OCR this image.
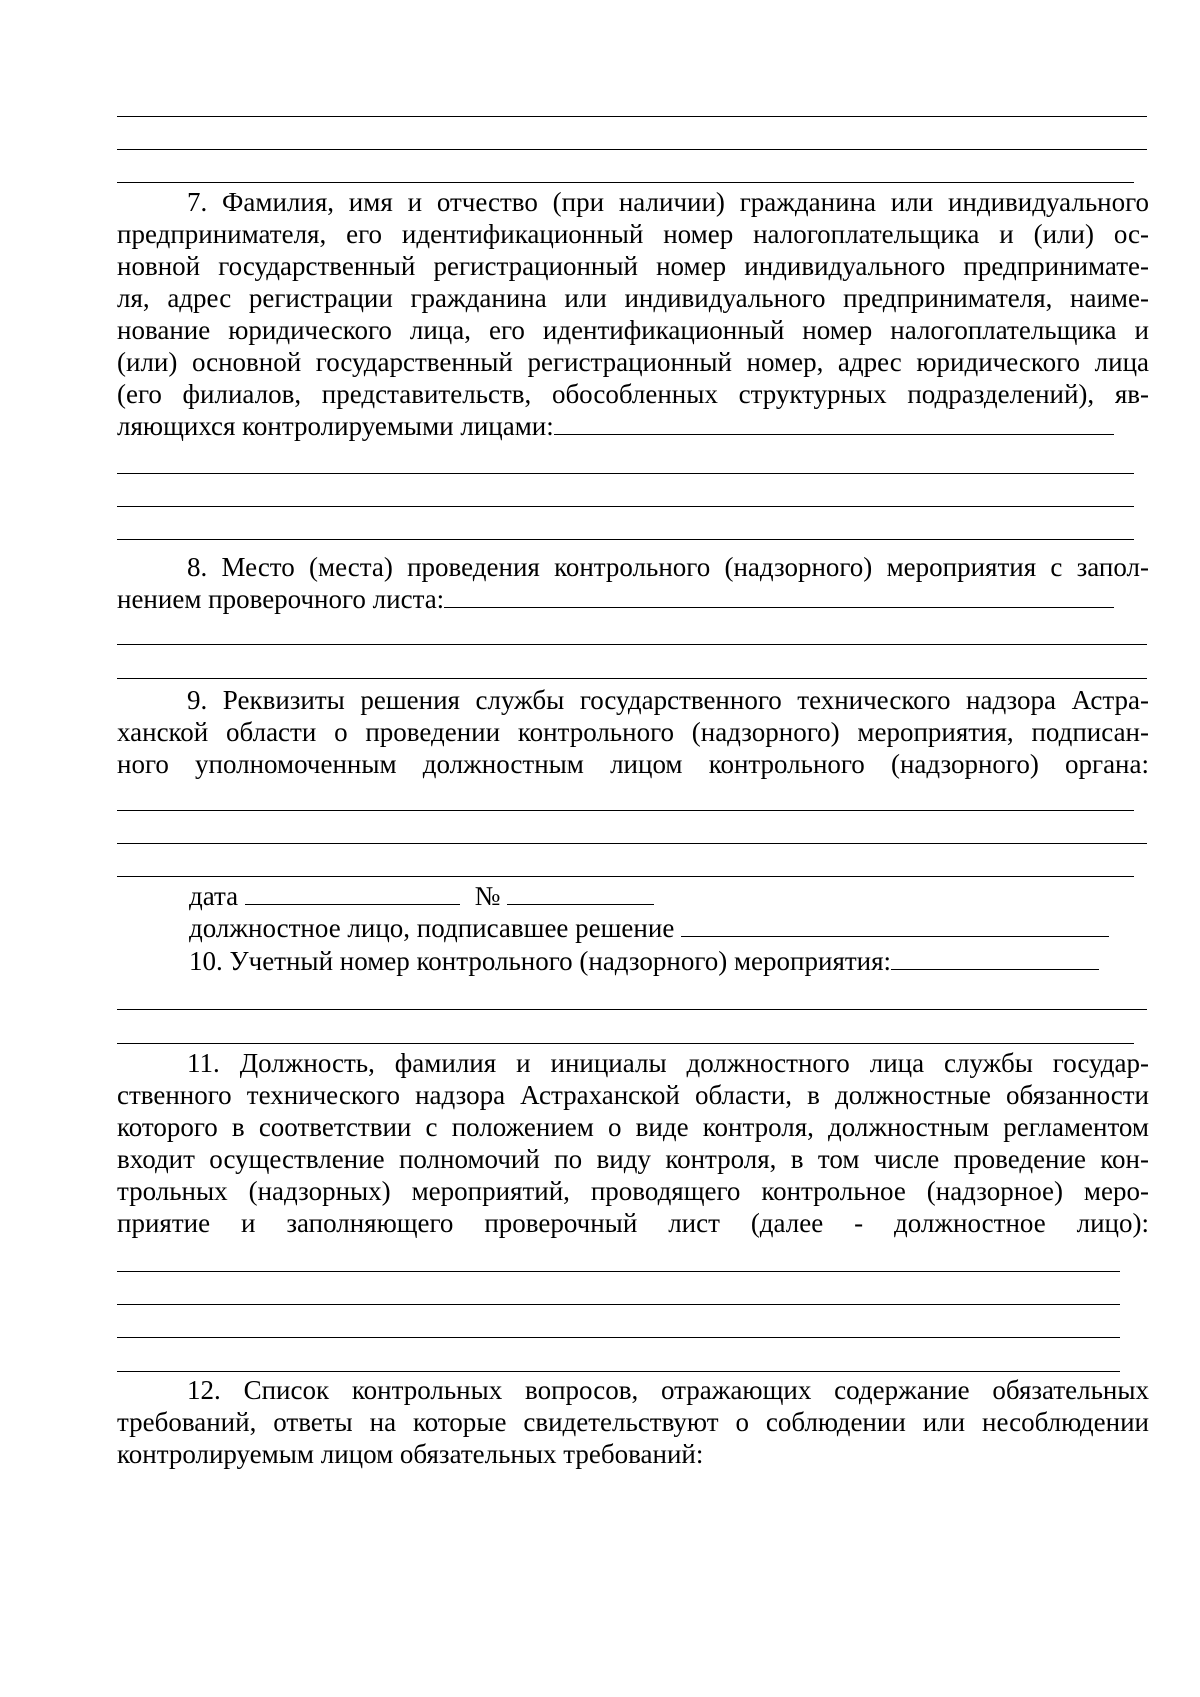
7. Фамилия, имя и отчество (при наличии) гражданина или индивидуального
предпринимателя, его идентификационный номер налогоплательщика и (или) ос-
новной государственный регистрационный номер индивидуального предпринимате-
ля, адрес регистрации гражданина или индивидуального предпринимателя, наиме-
нование юридического лица, его идентификационный номер налогоплательщика и
(или) основной государственный регистрационный номер, адрес юридического лица
(его филиалов, представительств, обособленных структурных подразделений), яв-
ляющихся контролируемыми лицами:
8. Место (места) проведения контрольного (надзорного) мероприятия с запол-
нением проверочного листа:
9. Реквизиты решения службы государственного технического надзора Астра-
ханской области о проведении контрольного (надзорного) мероприятия, подписан-
ного уполномоченным должностным лицом контрольного (надзорного) органа:
дата	№
должностное лицо, подписавшее решение
10. Учетный номер контрольного (надзорного) мероприятия:
11. Должность, фамилия и инициалы должностного лица службы государ-
ственного технического надзора Астраханской области, в должностные обязанности
которого в соответствии с положением о виде контроля, должностным регламентом
входит осуществление полномочий по виду контроля, в том числе проведение кон-
трольных (надзорных) мероприятий, проводящего контрольное (надзорное) меро-
приятие и заполняющего проверочный лист (далее - должностное лицо):
12. Список контрольных вопросов, отражающих содержание обязательных
требований, ответы на которые свидетельствуют о соблюдении или несоблюдении
контролируемым лицом обязательных требований:
